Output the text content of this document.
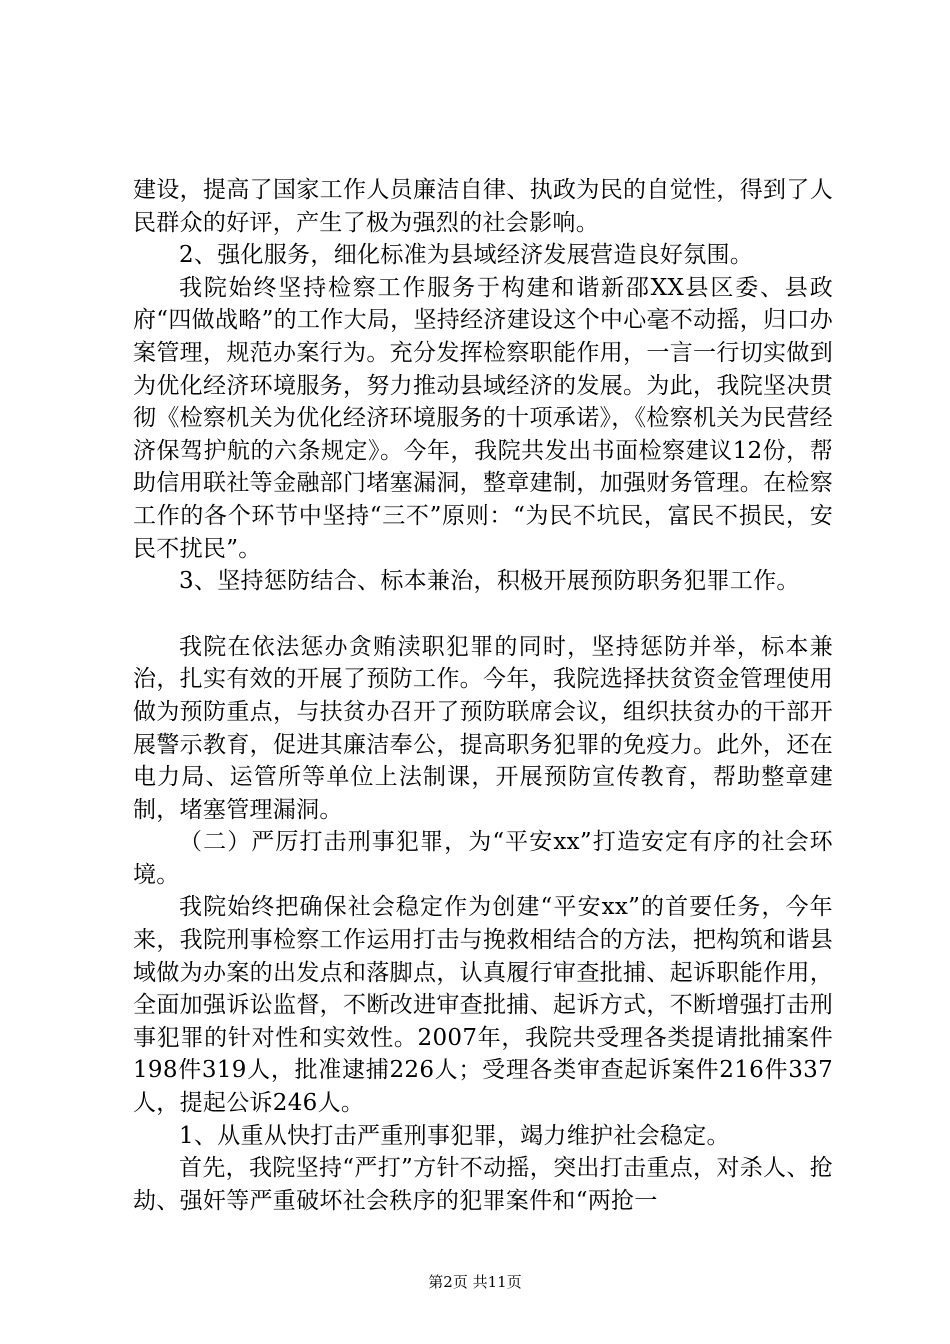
建设，提高了国家工作人员廉洁自律、执政为民的自觉性，得到了人民群众的好评，产生了极为强烈的社会影响。

2、强化服务，细化标准为县域经济发展营造良好氛围。

我院始终坚持检察工作服务于构建和谐新邵XX县区委、县政府“四做战略”的工作大局，坚持经济建设这个中心毫不动摇，归口办案管理，规范办案行为。充分发挥检察职能作用，一言一行切实做到为优化经济环境服务，努力推动县域经济的发展。为此，我院坚决贯彻《检察机关为优化经济环境服务的十项承诺》，《检察机关为民营经济保驾护航的六条规定》。今年，我院共发出书面检察建议12份，帮助信用联社等金融部门堵塞漏洞，整章建制，加强财务管理。在检察工作的各个环节中坚持“三不”原则：“为民不坑民，富民不损民，安民不扰民”。

3、坚持惩防结合、标本兼治，积极开展预防职务犯罪工作。

我院在依法惩办贪贿渎职犯罪的同时，坚持惩防并举，标本兼治，扎实有效的开展了预防工作。今年，我院选择扶贫资金管理使用做为预防重点，与扶贫办召开了预防联席会议，组织扶贫办的干部开展警示教育，促进其廉洁奉公，提高职务犯罪的免疫力。此外，还在电力局、运管所等单位上法制课，开展预防宣传教育，帮助整章建制，堵塞管理漏洞。

（二）严厉打击刑事犯罪，为“平安xx”打造安定有序的社会环境。

我院始终把确保社会稳定作为创建“平安xx”的首要任务，今年来，我院刑事检察工作运用打击与挽救相结合的方法，把构筑和谐县域做为办案的出发点和落脚点，认真履行审查批捕、起诉职能作用，全面加强诉讼监督，不断改进审查批捕、起诉方式，不断增强打击刑事犯罪的针对性和实效性。2007年，我院共受理各类提请批捕案件198件319人，批准逮捕226人；受理各类审查起诉案件216件337人，提起公诉246人。

1、从重从快打击严重刑事犯罪，竭力维护社会稳定。

首先，我院坚持“严打”方针不动摇，突出打击重点，对杀人、抢劫、强奸等严重破坏社会秩序的犯罪案件和“两抢一

第2页 共11页
